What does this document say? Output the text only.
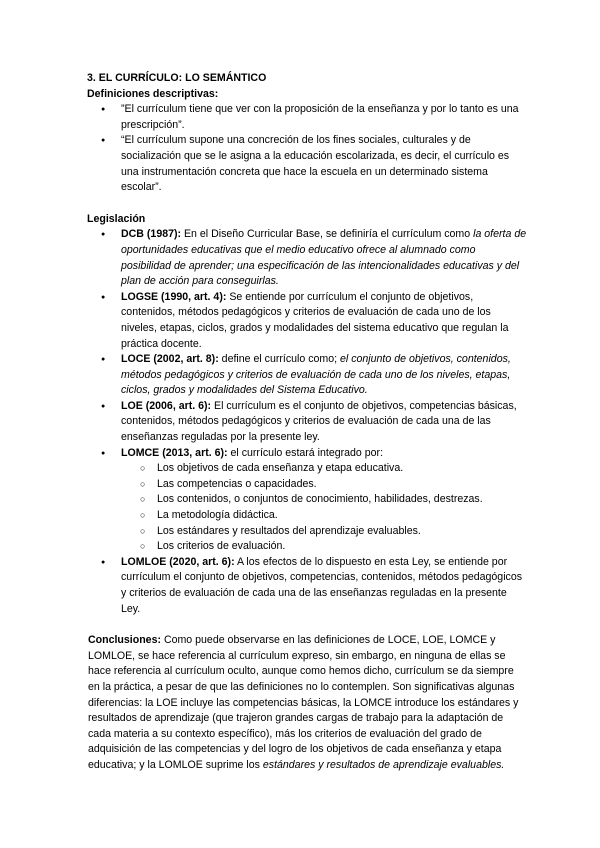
3. EL CURRÍCULO: LO SEMÁNTICO

Definiciones descriptivas:

● ”El currículum tiene que ver con la proposición de la enseñanza y por lo tanto es una prescripción”.
● “El currículum supone una concreción de los fines sociales, culturales y de socialización que se le asigna a la educación escolarizada, es decir, el currículo es una instrumentación concreta que hace la escuela en un determinado sistema escolar”.

Legislación

● DCB (1987): En el Diseño Curricular Base, se definiría el currículum como la oferta de oportunidades educativas que el medio educativo ofrece al alumnado como posibilidad de aprender; una especificación de las intencionalidades educativas y del plan de acción para conseguirlas.
● LOGSE (1990, art. 4): Se entiende por currículum el conjunto de objetivos, contenidos, métodos pedagógicos y criterios de evaluación de cada uno de los niveles, etapas, ciclos, grados y modalidades del sistema educativo que regulan la práctica docente.
● LOCE (2002, art. 8): define el currículo como; el conjunto de objetivos, contenidos, métodos pedagógicos y criterios de evaluación de cada uno de los niveles, etapas, ciclos, grados y modalidades del Sistema Educativo.
● LOE (2006, art. 6): El currículum es el conjunto de objetivos, competencias básicas, contenidos, métodos pedagógicos y criterios de evaluación de cada una de las enseñanzas reguladas por la presente ley.
● LOMCE (2013, art. 6): el currículo estará integrado por:
○ Los objetivos de cada enseñanza y etapa educativa.
○ Las competencias o capacidades.
○ Los contenidos, o conjuntos de conocimiento, habilidades, destrezas.
○ La metodología didáctica.
○ Los estándares y resultados del aprendizaje evaluables.
○ Los criterios de evaluación.
● LOMLOE (2020, art. 6): A los efectos de lo dispuesto en esta Ley, se entiende por currículum el conjunto de objetivos, competencias, contenidos, métodos pedagógicos y criterios de evaluación de cada una de las enseñanzas reguladas en la presente Ley.

Conclusiones: Como puede observarse en las definiciones de LOCE, LOE, LOMCE y LOMLOE, se hace referencia al currículum expreso, sin embargo, en ninguna de ellas se hace referencia al currículum oculto, aunque como hemos dicho, currículum se da siempre en la práctica, a pesar de que las definiciones no lo contemplen. Son significativas algunas diferencias: la LOE incluye las competencias básicas, la LOMCE introduce los estándares y resultados de aprendizaje (que trajeron grandes cargas de trabajo para la adaptación de cada materia a su contexto específico), más los criterios de evaluación del grado de adquisición de las competencias y del logro de los objetivos de cada enseñanza y etapa educativa; y la LOMLOE suprime los estándares y resultados de aprendizaje evaluables.
